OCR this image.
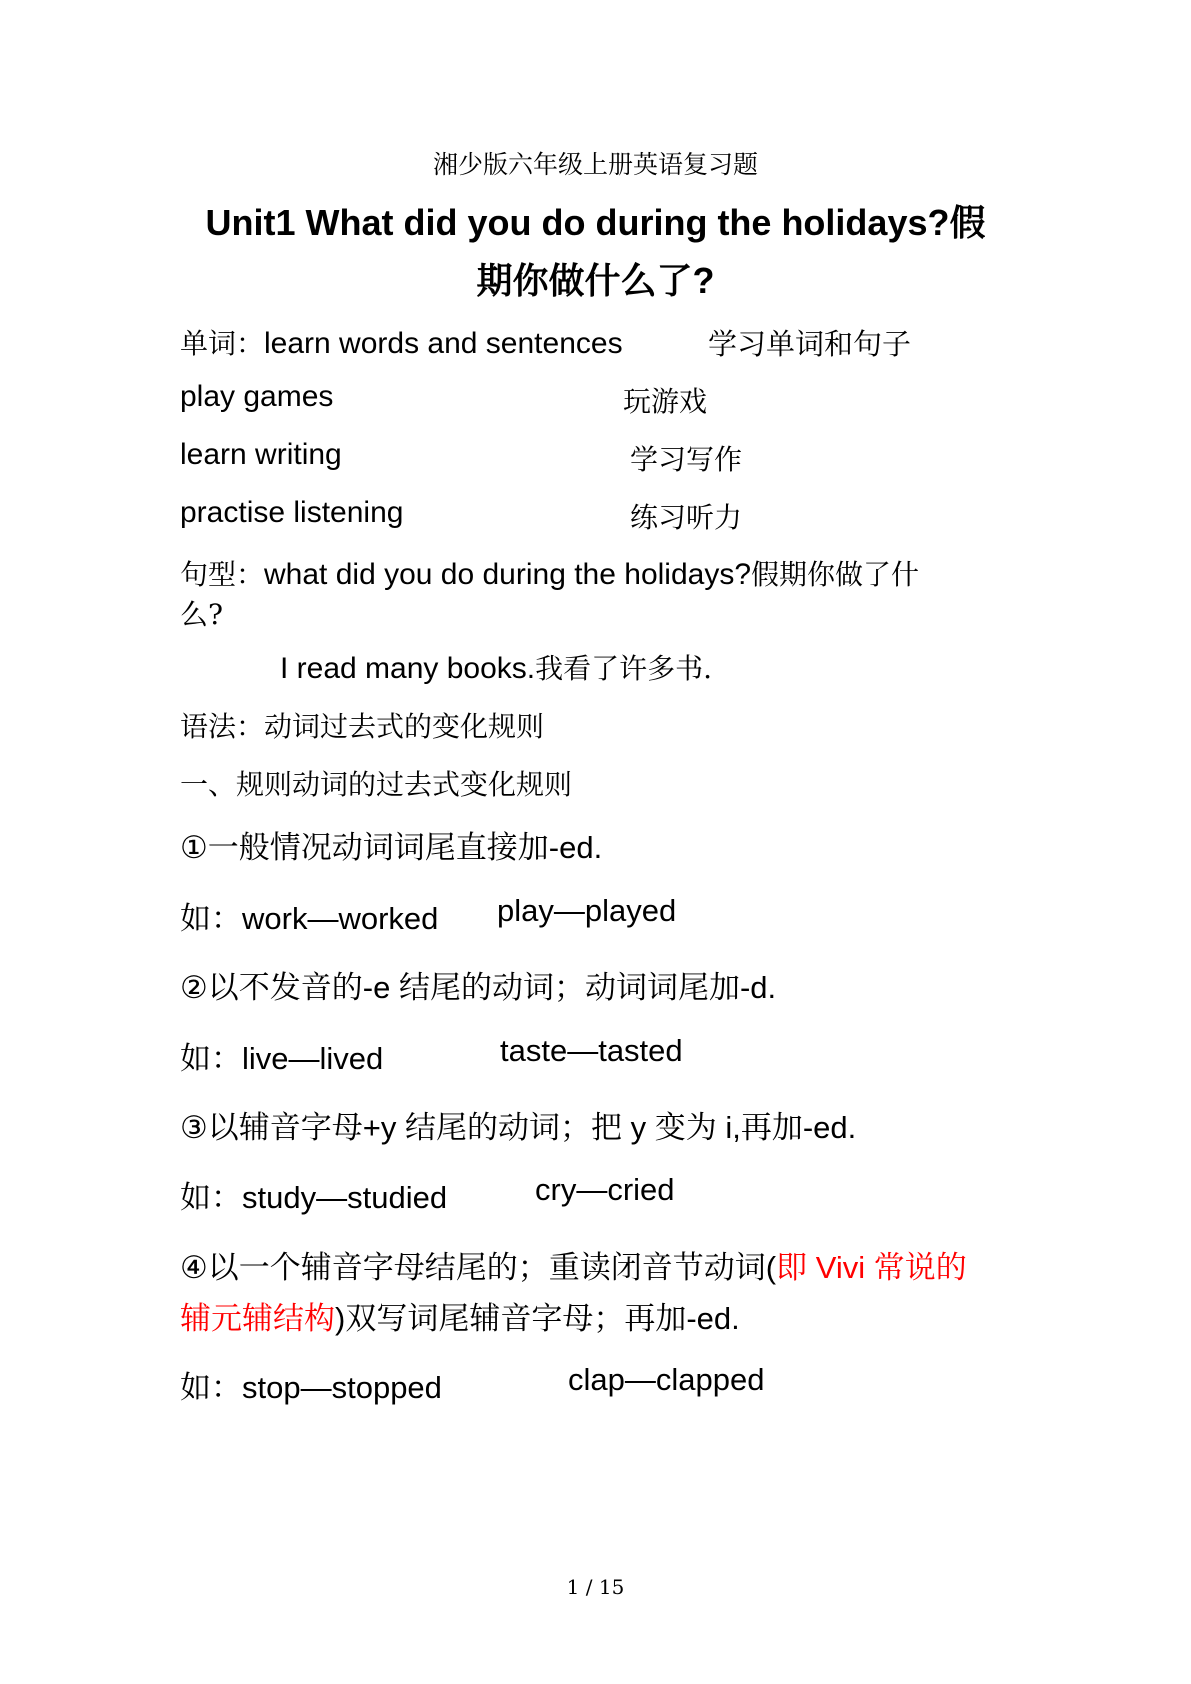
湘少版六年级上册英语复习题
Unit1 What did you do during the holidays?假
期你做什么了?
单词：learn words and sentences	学习单词和句子
play games	玩游戏
learn writing	学习写作
practise listening	练习听力
句型：what did you do during the holidays?假期你做了什
么?
I read many books.我看了许多书.
语法：动词过去式的变化规则
一、规则动词的过去式变化规则
①一般情况动词词尾直接加-ed.
如：work—worked play—played
②以不发音的-e 结尾的动词；动词词尾加-d.
如：live—lived	taste—tasted
③以辅音字母+y 结尾的动词；把 y 变为 i,再加-ed.
如：study—studied	cry—cried
④以一个辅音字母结尾的；重读闭音节动词(即 Vivi 常说的
辅元辅结构)双写词尾辅音字母；再加-ed.
如：stop—stopped	clap—clapped
1 / 15
